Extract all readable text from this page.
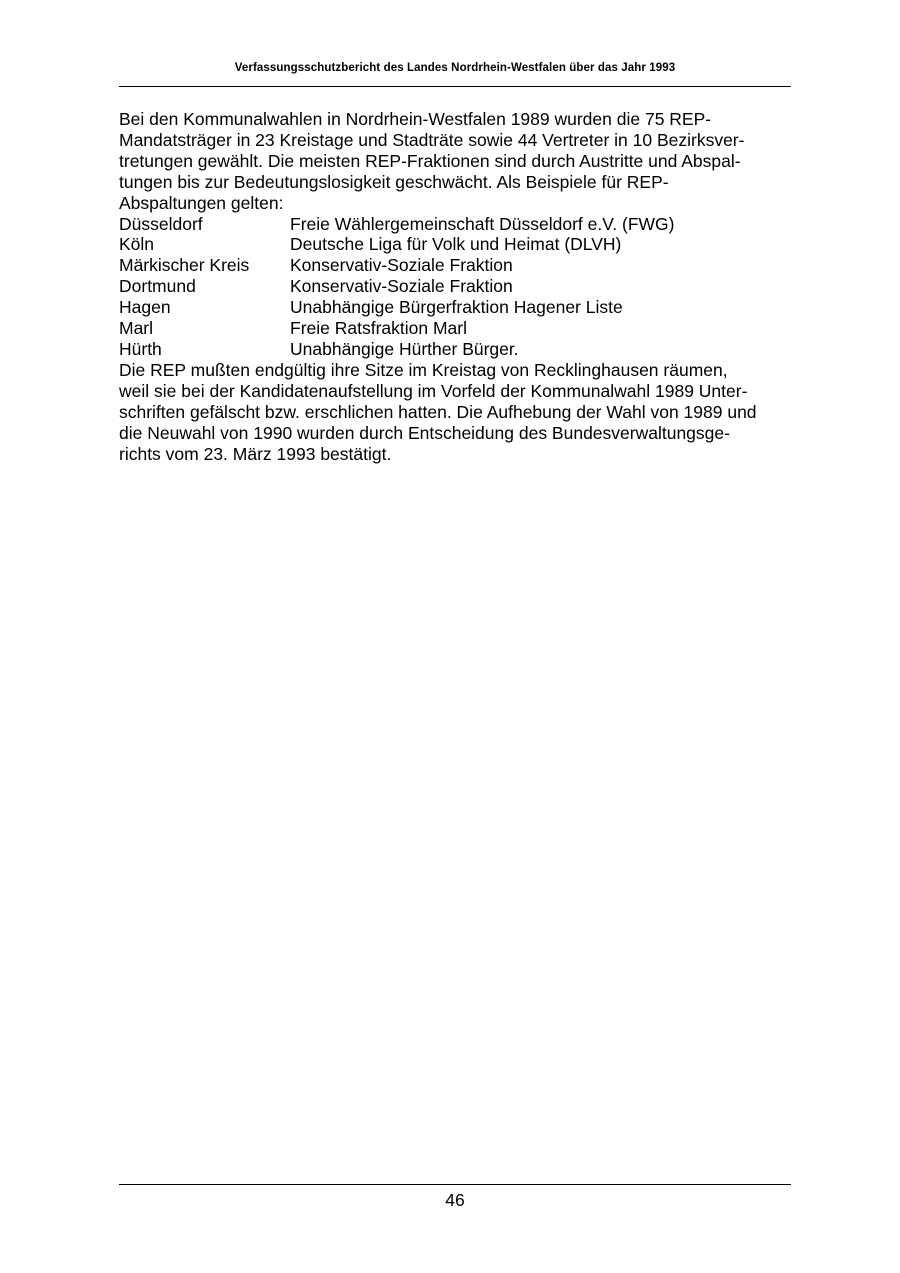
Verfassungsschutzbericht des Landes Nordrhein-Westfalen über das Jahr 1993

Bei den Kommunalwahlen in Nordrhein-Westfalen 1989 wurden die 75 REP-
Mandatsträger in 23 Kreistage und Stadträte sowie 44 Vertreter in 10 Bezirksver-
tretungen gewählt. Die meisten REP-Fraktionen sind durch Austritte und Abspal-
tungen bis zur Bedeutungslosigkeit geschwächt. Als Beispiele für REP-
Abspaltungen gelten:

Düsseldorf	Freie Wählergemeinschaft Düsseldorf e.V. (FWG)
Köln	Deutsche Liga für Volk und Heimat (DLVH)
Märkischer Kreis	Konservativ-Soziale Fraktion
Dortmund	Konservativ-Soziale Fraktion
Hagen	Unabhängige Bürgerfraktion Hagener Liste
Marl	Freie Ratsfraktion Marl
Hürth	Unabhängige Hürther Bürger.

Die REP mußten endgültig ihre Sitze im Kreistag von Recklinghausen räumen,
weil sie bei der Kandidatenaufstellung im Vorfeld der Kommunalwahl 1989 Unter-
schriften gefälscht bzw. erschlichen hatten. Die Aufhebung der Wahl von 1989 und
die Neuwahl von 1990 wurden durch Entscheidung des Bundesverwaltungsge-
richts vom 23. März 1993 bestätigt.

46
